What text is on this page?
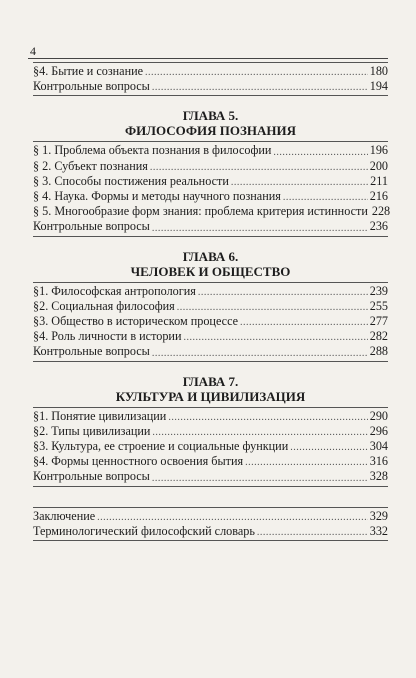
4
§4. Бытие и сознание . . .	180
Контрольные вопросы . . .	194
ГЛАВА 5.
ФИЛОСОФИЯ ПОЗНАНИЯ
§ 1. Проблема объекта познания в философии . . .	196
§ 2. Субъект познания . . .	200
§ 3. Способы постижения реальности . . .	211
§ 4. Наука. Формы и методы научного познания . . .	216
§ 5. Многообразие форм знания: проблема критерия истинности 228
Контрольные вопросы . . .	236
ГЛАВА 6.
ЧЕЛОВЕК И ОБЩЕСТВО
§1. Философская антропология . . .	239
§2. Социальная философия . . .	255
§3. Общество в историческом процессе . . .	277
§4. Роль личности в истории . . .	282
Контрольные вопросы . . .	288
ГЛАВА 7.
КУЛЬТУРА И ЦИВИЛИЗАЦИЯ
§1. Понятие цивилизации . . .	290
§2. Типы цивилизации . . .	296
§3. Культура, ее строение и социальные функции . . .	304
§4. Формы ценностного освоения бытия . . .	316
Контрольные вопросы . . .	328
Заключение . . .	329
Терминологический философский словарь . . .	332
